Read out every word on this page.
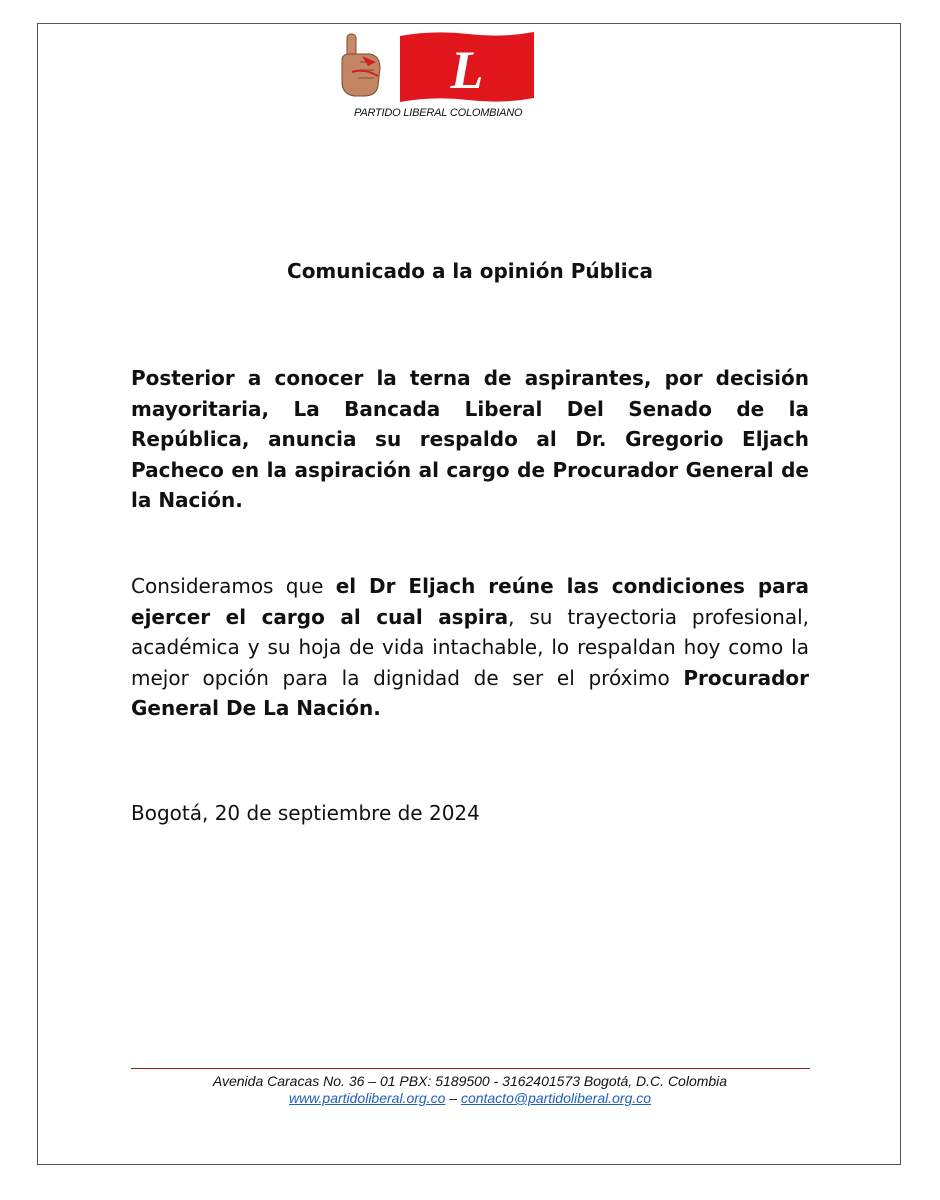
L
PARTIDO LIBERAL COLOMBIANO
Comunicado a la opinión Pública

Posterior a conocer la terna de aspirantes, por decisión mayoritaria, La Bancada Liberal Del Senado de la República, anuncia su respaldo al Dr. Gregorio Eljach Pacheco en la aspiración al cargo de Procurador General de la Nación.

Consideramos que el Dr Eljach reúne las condiciones para ejercer el cargo al cual aspira, su trayectoria profesional, académica y su hoja de vida intachable, lo respaldan hoy como la mejor opción para la dignidad de ser el próximo Procurador General De La Nación.

Bogotá, 20 de septiembre de 2024
Avenida Caracas No. 36 – 01 PBX: 5189500 - 3162401573 Bogotá, D.C. Colombia
www.partidoliberal.org.co – contacto@partidoliberal.org.co
